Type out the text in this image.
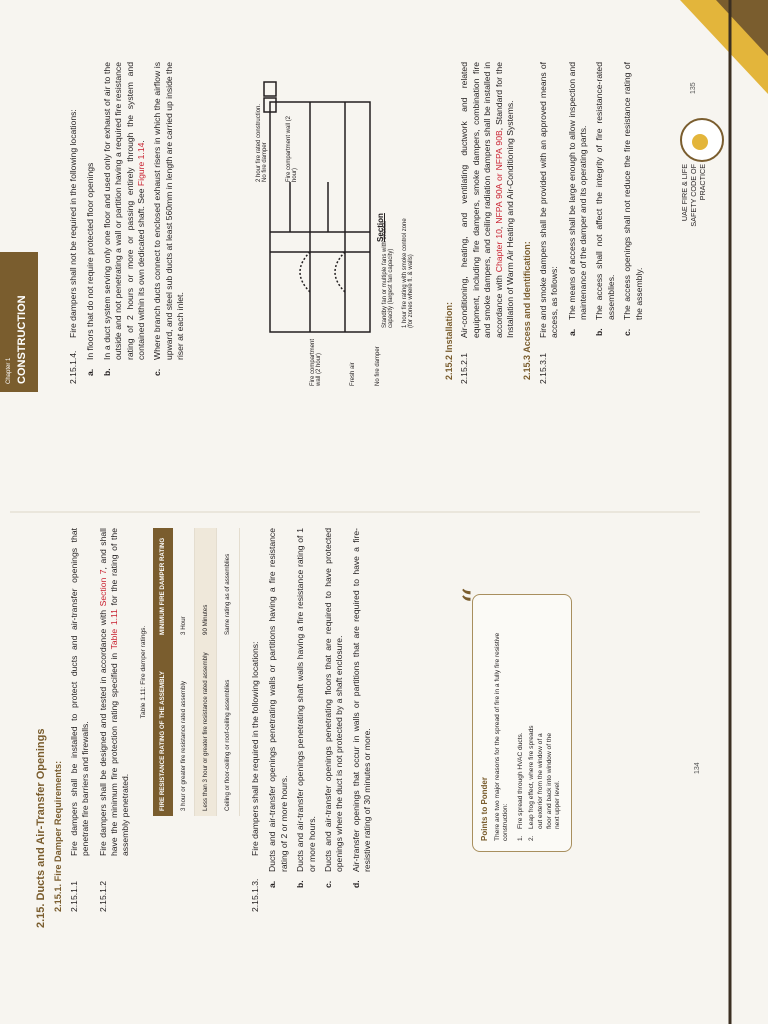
2.15. Ducts and Air-Transfer Openings 2.15.1. Fire Damper Requirements: 2.15.1.1
Fire dampers shall be installed to protect ducts and air-transfer openings that penetrate fire barriers and firewalls.
2.15.1.2
Fire dampers shall be designed and tested in accordance with Section 7, and shall have the minimum fire protection rating specified in Table 1.11 for the rating of the assembly penetrated.
Table 1.11: Fire damper ratings.	FIRE RESISTANCE RATING OF THE ASSEMBLY	MINIMUM FIRE DAMPER RATING
3 hour or greater fire resistance rated assembly	3 Hour
Less than 3 hour or greater fire resistance rated assembly	90 Minutes
Ceiling or floor-ceiling or roof-ceiling assemblies	Same rating as of assemblies
2.15.1.3.
Fire dampers shall be required in the following locations:
a.
Ducts and air-transfer openings penetrating walls or partitions having a fire resistance rating of 2 or more hours.
b.
Ducts and air-transfer openings penetrating shaft walls having a fire resistance rating of 1 or more hours.
c.
Ducts and air-transfer openings penetrating floors that are required to have protected openings where the duct is not protected by a shaft enclosure.
d.
Air-transfer openings that occur in walls or partitions that are required to have a fire-resistive rating of 30 minutes or more.
“
Points to Ponder There are two major reasons for the spread of fire in a fully fire resistive construction: 1.
Fire spread through HVAC ducts.
2.
Leap frog effect, where fire spreads out exterior from the window of a floor and back into window of the next upper level.
134
Chapter 1 CONSTRUCTION	2.15.1.4.
Fire dampers shall not be required in the following locations:
a.
In floors that do not require protected floor openings
b.
In a duct system serving only one floor and used only for exhaust of air to the outside and not penetrating a wall or partition having a required fire resistance rating of 2 hours or more or passing entirely through the system and contained within its own dedicated shaft. See Figure 1.14.
c.
Where branch ducts connect to enclosed exhaust risers in which the airflow is upward, and steel sub ducts at least 560mm in length are carried up inside the riser at each inlet.	Standby fan or multiple fans with excess capacity (largest fan capacity) 1 hour fire rating with smoke control zone (for zones where fl. & walls)
2 hour fire rated construction. No fire damper	Fire compartment wall (2 hour)
Fire compartment wall (2 hour)	Fresh air	No fire damper
Section
2.15.2 Installation: 2.15.2.1
Air-conditioning, heating, and ventilating ductwork and related equipment, including fire dampers, smoke dampers, combination fire and smoke dampers, and ceiling radiation dampers shall be installed in accordance with Chapter 10, NFPA 90A or NFPA 90B, Standard for the Installation of Warm Air Heating and Air-Conditioning Systems. 2.15.3 Access and Identification: 2.15.3.1
Fire and smoke dampers shall be provided with an approved means of access, as follows: a.
The means of access shall be large enough to allow inspection and maintenance of the damper and its operating parts.
b.
The access shall not affect the integrity of fire resistance-rated assemblies.
c.
The access openings shall not reduce the fire resistance rating of the assembly.
UAE FIRE & LIFE SAFETY CODE OF PRACTICE
135
